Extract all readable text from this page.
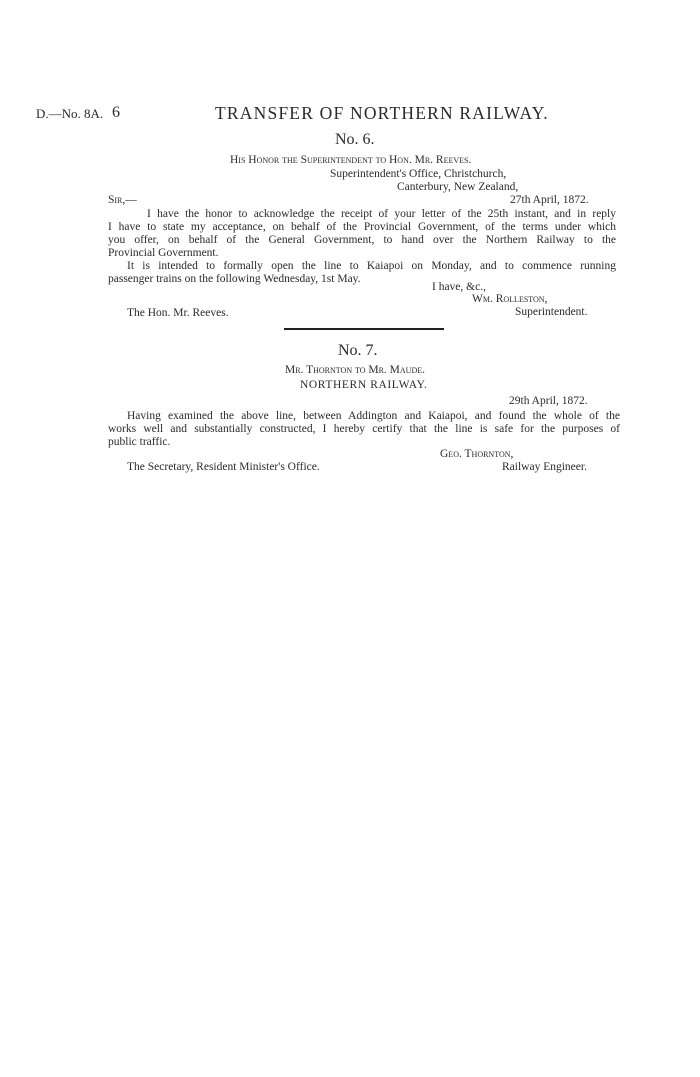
D.—No. 8A. 6	TRANSFER OF NORTHERN RAILWAY.
No. 6.
His Honor the Superintendent to Hon. Mr. Reeves.
Superintendent's Office, Christchurch,
Canterbury, New Zealand,
Sir,—	27th April, 1872.
I have the honor to acknowledge the receipt of your letter of the 25th instant, and in reply
I have to state my acceptance, on behalf of the Provincial Government, of the terms under which
you offer, on behalf of the General Government, to hand over the Northern Railway to the
Provincial Government.
It is intended to formally open the line to Kaiapoi on Monday, and to commence running
passenger trains on the following Wednesday, 1st May.
I have, &c.,
Wm. Rolleston,
The Hon. Mr. Reeves.	Superintendent.
No. 7.
Mr. Thornton to Mr. Maude.
NORTHERN RAILWAY.
29th April, 1872.
Having examined the above line, between Addington and Kaiapoi, and found the whole of the
works well and substantially constructed, I hereby certify that the line is safe for the purposes of
public traffic.
Geo. Thornton,
The Secretary, Resident Minister's Office.	Railway Engineer.
